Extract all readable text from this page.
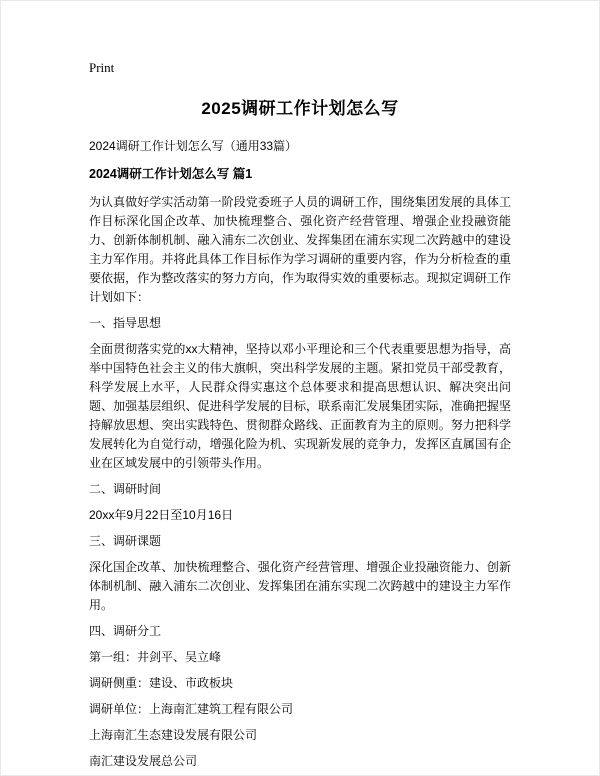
Print
2025调研工作计划怎么写

2024调研工作计划怎么写（通用33篇）

2024调研工作计划怎么写 篇1

为认真做好学实活动第一阶段党委班子人员的调研工作，围绕集团发展的具体工作目标深化国企改革、加快梳理整合、强化资产经营管理、增强企业投融资能力、创新体制机制、融入浦东二次创业、发挥集团在浦东实现二次跨越中的建设主力军作用。并将此具体工作目标作为学习调研的重要内容，作为分析检查的重要依据，作为整改落实的努力方向，作为取得实效的重要标志。现拟定调研工作计划如下：

一、指导思想

全面贯彻落实党的xx大精神，坚持以邓小平理论和三个代表重要思想为指导，高举中国特色社会主义的伟大旗帜，突出科学发展的主题。紧扣党员干部受教育，科学发展上水平，人民群众得实惠这个总体要求和提高思想认识、解决突出问题、加强基层组织、促进科学发展的目标，联系南汇发展集团实际，准确把握坚持解放思想、突出实践特色、贯彻群众路线、正面教育为主的原则。努力把科学发展转化为自觉行动，增强化险为机、实现新发展的竞争力，发挥区直属国有企业在区域发展中的引领带头作用。

二、调研时间

20xx年9月22日至10月16日

三、调研课题

深化国企改革、加快梳理整合、强化资产经营管理、增强企业投融资能力、创新体制机制、融入浦东二次创业、发挥集团在浦东实现二次跨越中的建设主力军作用。

四、调研分工

第一组：井剑平、吴立峰

调研侧重：建设、市政板块

调研单位：上海南汇建筑工程有限公司

上海南汇生态建设发展有限公司

南汇建设发展总公司
